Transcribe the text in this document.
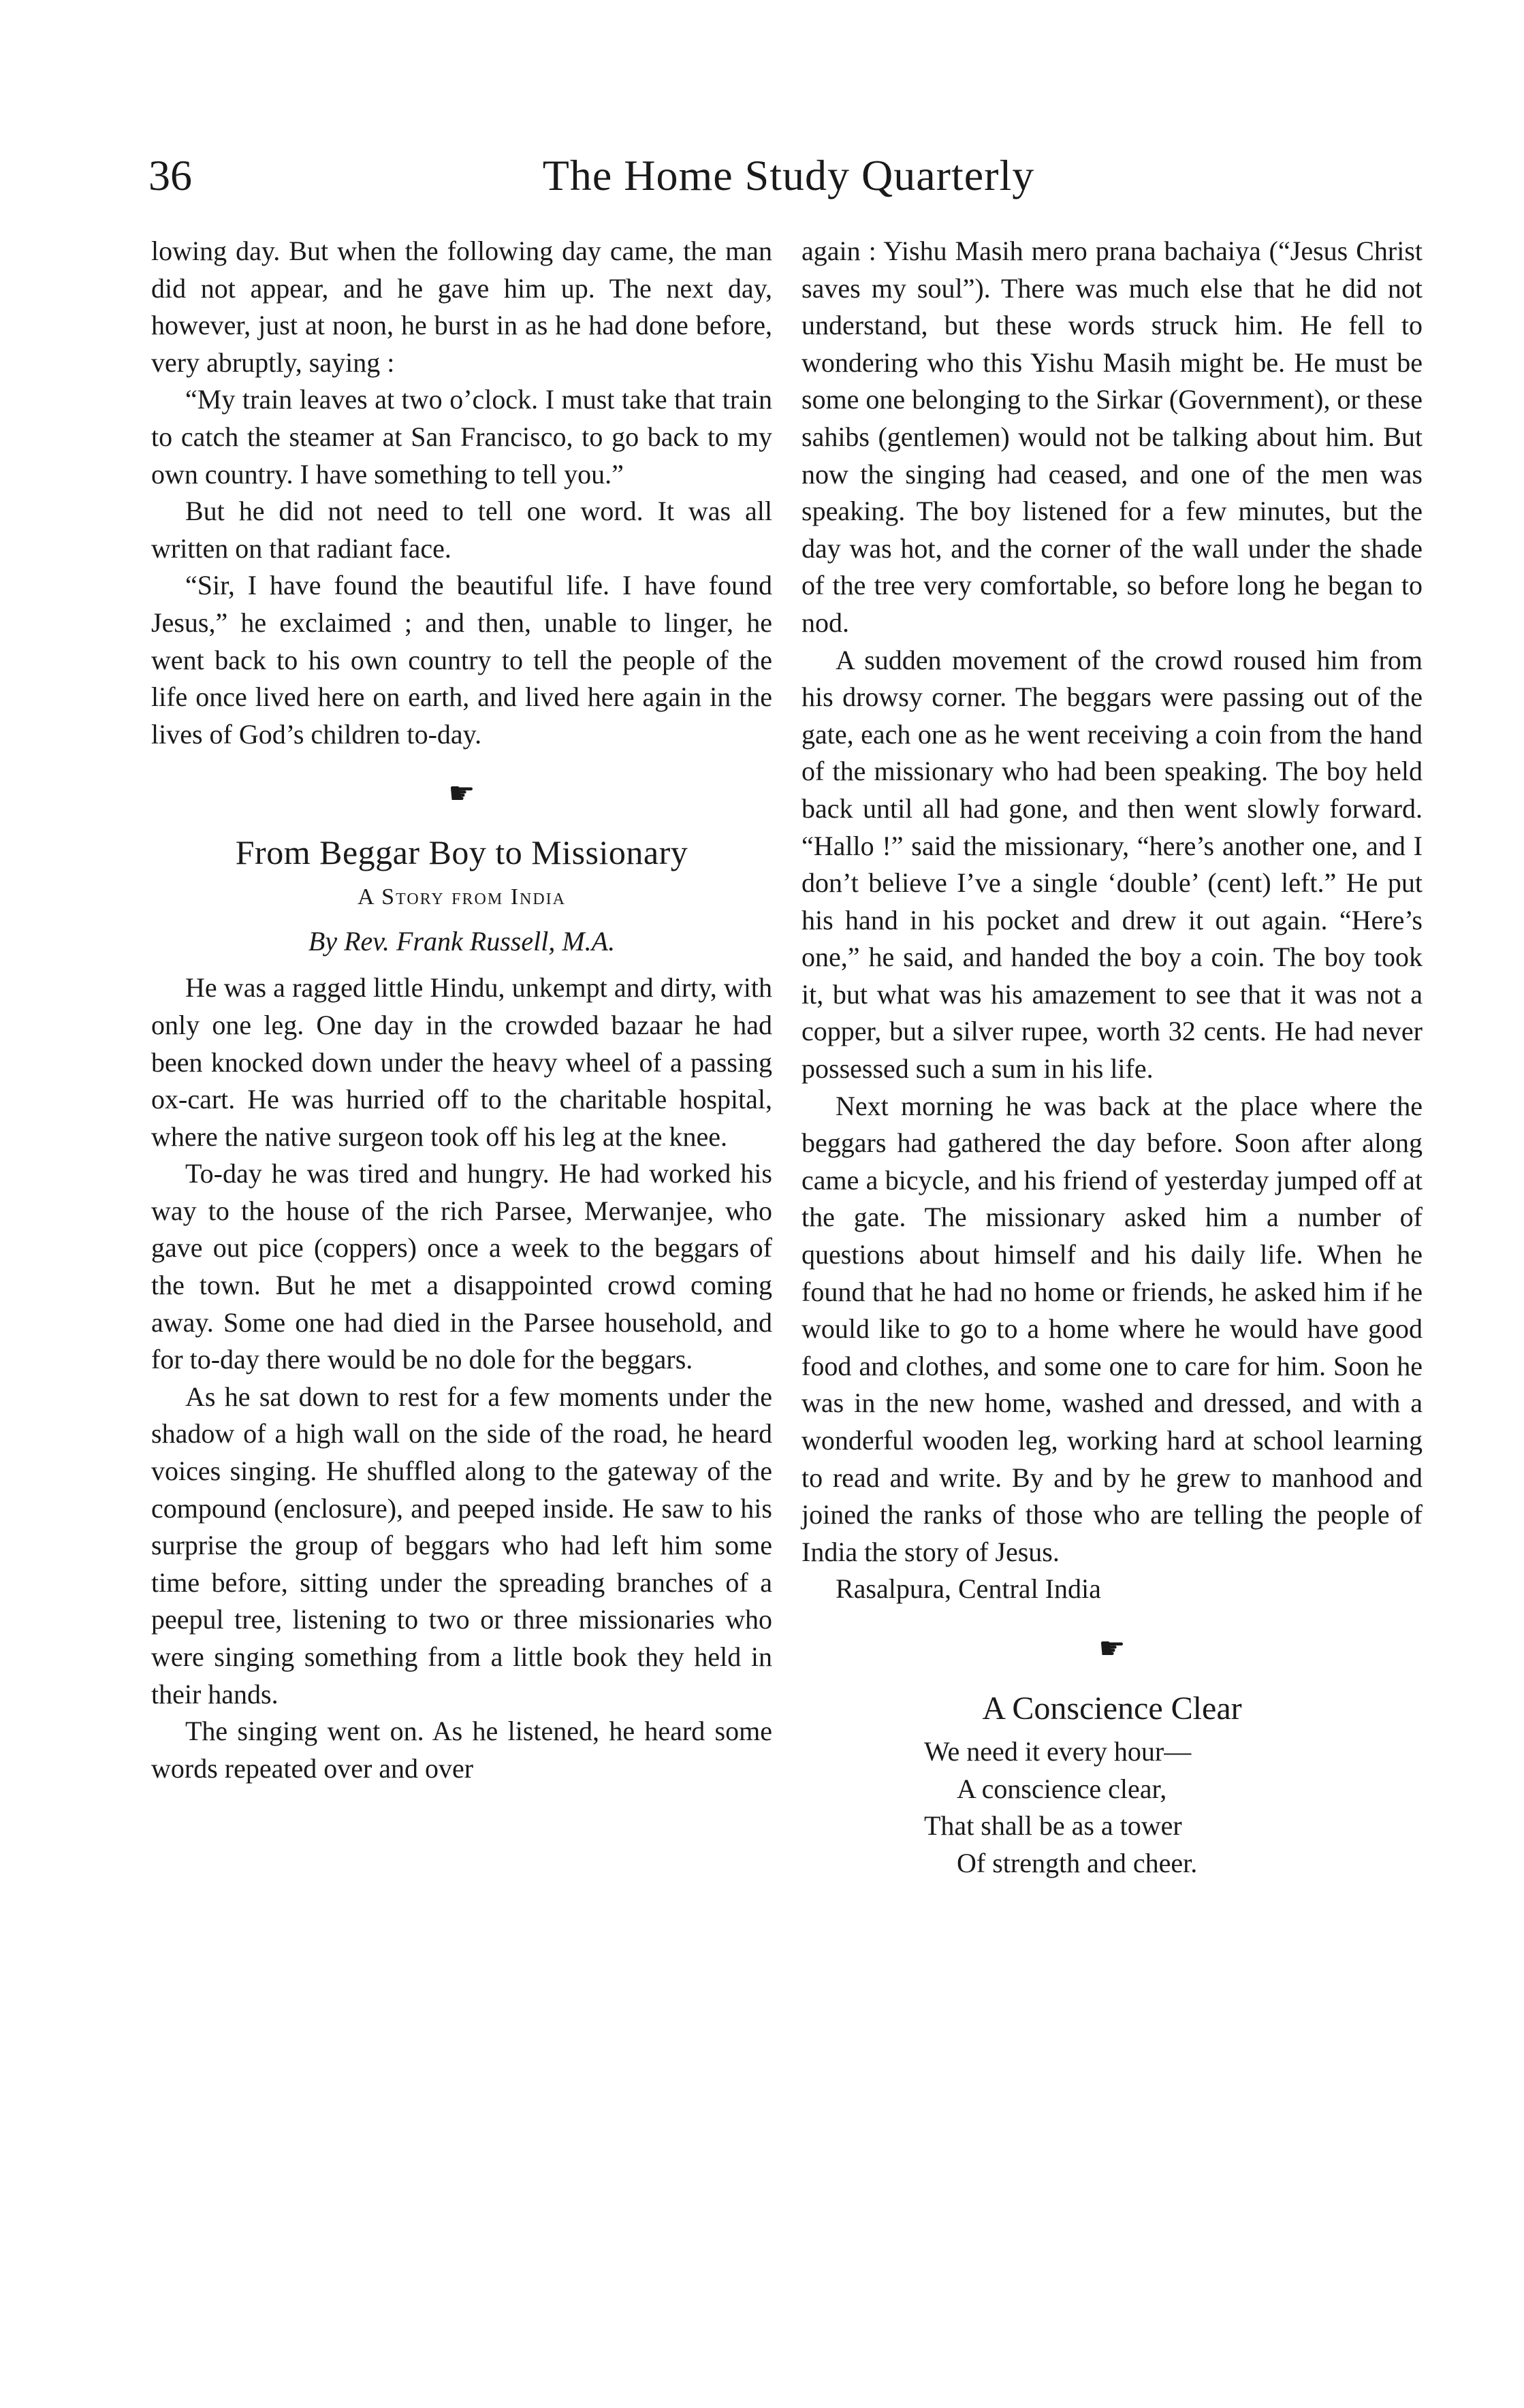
36	The Home Study Quarterly

lowing day. But when the following day came, the man did not appear, and he gave him up. The next day, however, just at noon, he burst in as he had done before, very abruptly, saying :

“My train leaves at two o’clock. I must take that train to catch the steamer at San Francisco, to go back to my own country. I have something to tell you.”

But he did not need to tell one word. It was all written on that radiant face.

“Sir, I have found the beautiful life. I have found Jesus,” he exclaimed ; and then, unable to linger, he went back to his own country to tell the people of the life once lived here on earth, and lived here again in the lives of God’s children to-day.

☛
From Beggar Boy to Missionary
A Story from India
By Rev. Frank Russell, M.A.

He was a ragged little Hindu, unkempt and dirty, with only one leg. One day in the crowded bazaar he had been knocked down under the heavy wheel of a passing ox-cart. He was hurried off to the charitable hospital, where the native surgeon took off his leg at the knee.

To-day he was tired and hungry. He had worked his way to the house of the rich Parsee, Merwanjee, who gave out pice (coppers) once a week to the beggars of the town. But he met a disappointed crowd coming away. Some one had died in the Parsee household, and for to-day there would be no dole for the beggars.

As he sat down to rest for a few moments under the shadow of a high wall on the side of the road, he heard voices singing. He shuffled along to the gateway of the compound (enclosure), and peeped inside. He saw to his surprise the group of beggars who had left him some time before, sitting under the spreading branches of a peepul tree, listening to two or three missionaries who were singing something from a little book they held in their hands.

The singing went on. As he listened, he heard some words repeated over and over

again : Yishu Masih mero prana bachaiya (“Jesus Christ saves my soul”). There was much else that he did not understand, but these words struck him. He fell to wondering who this Yishu Masih might be. He must be some one belonging to the Sirkar (Government), or these sahibs (gentlemen) would not be talking about him. But now the singing had ceased, and one of the men was speaking. The boy listened for a few minutes, but the day was hot, and the corner of the wall under the shade of the tree very comfortable, so before long he began to nod.

A sudden movement of the crowd roused him from his drowsy corner. The beggars were passing out of the gate, each one as he went receiving a coin from the hand of the missionary who had been speaking. The boy held back until all had gone, and then went slowly forward. “Hallo !” said the missionary, “here’s another one, and I don’t believe I’ve a single ‘double’ (cent) left.” He put his hand in his pocket and drew it out again. “Here’s one,” he said, and handed the boy a coin. The boy took it, but what was his amazement to see that it was not a copper, but a silver rupee, worth 32 cents. He had never possessed such a sum in his life.

Next morning he was back at the place where the beggars had gathered the day before. Soon after along came a bicycle, and his friend of yesterday jumped off at the gate. The missionary asked him a number of questions about himself and his daily life. When he found that he had no home or friends, he asked him if he would like to go to a home where he would have good food and clothes, and some one to care for him. Soon he was in the new home, washed and dressed, and with a wonderful wooden leg, working hard at school learning to read and write. By and by he grew to manhood and joined the ranks of those who are telling the people of India the story of Jesus.

Rasalpura, Central India

☛
A Conscience Clear
We need it every hour—
A conscience clear,
That shall be as a tower
Of strength and cheer.
